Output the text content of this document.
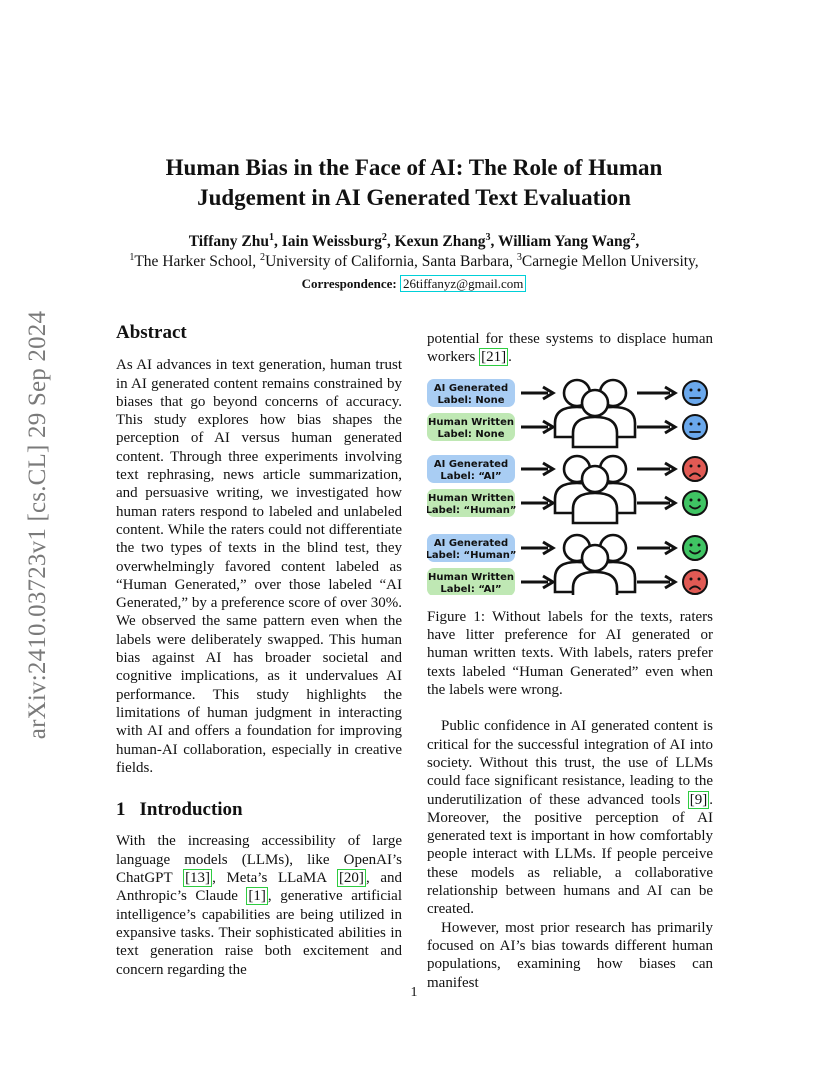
arXiv:2410.03723v1 [cs.CL] 29 Sep 2024
Human Bias in the Face of AI: The Role of Human
Judgement in AI Generated Text Evaluation
Tiffany Zhu$^1$, Iain Weissburg$^2$, Kexun Zhang$^3$, William Yang Wang$^2$,
$^1$The Harker School, $^2$University of California, Santa Barbara, $^3$Carnegie Mellon University,
Correspondence: 26tiffanyz@gmail.com
Abstract

As AI advances in text generation, human trust in AI generated content remains constrained by biases that go beyond concerns of accuracy. This study explores how bias shapes the perception of AI versus human generated content. Through three experiments involving text rephrasing, news article summarization, and persuasive writing, we investigated how human raters respond to labeled and unlabeled content. While the raters could not differentiate the two types of texts in the blind test, they overwhelmingly favored content labeled as “Human Generated,” over those labeled “AI Generated,” by a preference score of over 30%. We observed the same pattern even when the labels were deliberately swapped. This human bias against AI has broader societal and cognitive implications, as it undervalues AI performance. This study highlights the limitations of human judgment in interacting with AI and offers a foundation for improving human-AI collaboration, especially in creative fields.

1 Introduction

With the increasing accessibility of large language models (LLMs), like OpenAI’s ChatGPT [13] , Meta’s LLaMA [20] , and Anthropic’s Claude [1] , generative artificial intelligence’s capabilities are being utilized in expansive tasks. Their sophisticated abilities in text generation raise both excitement and concern regarding the

potential for these systems to displace human workers [21] .

AI Generated
Label: None
Human Written
Label: None
AI Generated
Label: “AI”
Human Written
Label: “Human”
AI Generated
Label: “Human”
Human Written
Label: “AI”

Figure 1: Without labels for the texts, raters have litter preference for AI generated or human written texts. With labels, raters prefer texts labeled “Human Generated” even when the labels were wrong.

Public confidence in AI generated content is critical for the successful integration of AI into society. Without this trust, the use of LLMs could face significant resistance, leading to the underutilization of these advanced tools [9] . Moreover, the positive perception of AI generated text is important in how comfortably people interact with LLMs. If people perceive these models as reliable, a collaborative relationship between humans and AI can be created.

However, most prior research has primarily focused on AI’s bias towards different human populations, examining how biases can manifest

1
